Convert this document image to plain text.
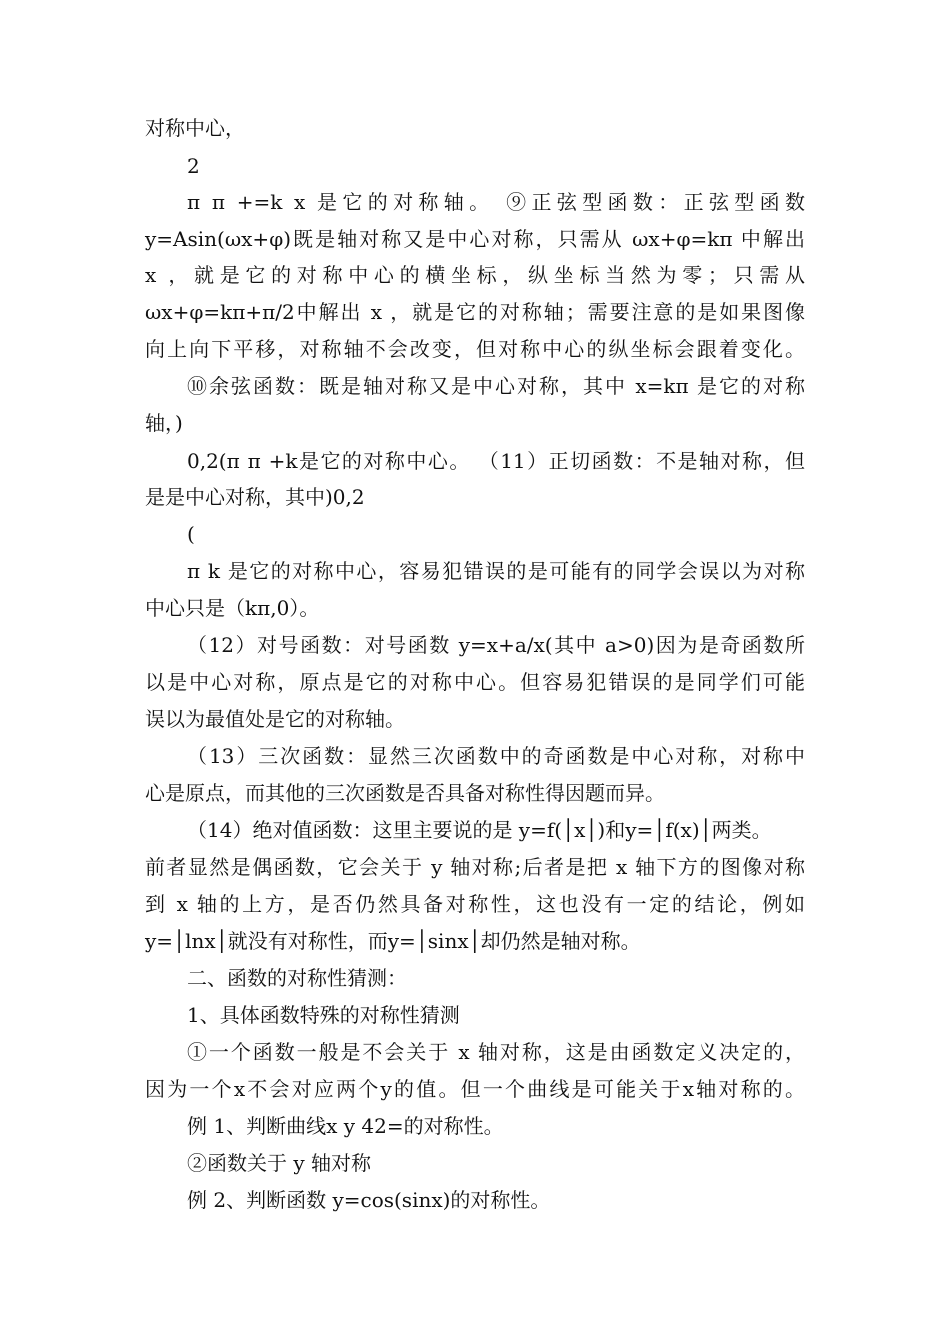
对称中心，
2
π π +=k x 是它的对称轴。 ⑨正弦型函数：正弦型函数
y=Asin(ωx+φ)既是轴对称又是中心对称，只需从 ωx+φ=kπ 中解出
x ，就是它的对称中心的横坐标，纵坐标当然为零；只需从
ωx+φ=kπ+π/2中解出 x ，就是它的对称轴；需要注意的是如果图像
向上向下平移，对称轴不会改变，但对称中心的纵坐标会跟着变化。
⑩余弦函数：既是轴对称又是中心对称，其中 x=kπ 是它的对称
轴，)
0,2(π π +k是它的对称中心。 （11）正切函数：不是轴对称，但
是是中心对称，其中)0,2
(
π k 是它的对称中心，容易犯错误的是可能有的同学会误以为对称
中心只是（kπ,0）。
（12）对号函数：对号函数 y=x+a/x(其中 a>0)因为是奇函数所
以是中心对称，原点是它的对称中心。但容易犯错误的是同学们可能
误以为最值处是它的对称轴。
（13）三次函数：显然三次函数中的奇函数是中心对称，对称中
心是原点，而其他的三次函数是否具备对称性得因题而异。
（14）绝对值函数：这里主要说的是 y=f(│x│)和y=│f(x)│两类。
前者显然是偶函数，它会关于 y 轴对称;后者是把 x 轴下方的图像对称
到 x 轴的上方，是否仍然具备对称性，这也没有一定的结论，例如
y=│lnx│就没有对称性，而y=│sinx│却仍然是轴对称。
二、函数的对称性猜测：
1、具体函数特殊的对称性猜测
①一个函数一般是不会关于 x 轴对称，这是由函数定义决定的，
因为一个x不会对应两个y的值。但一个曲线是可能关于x轴对称的。
例 1、判断曲线x y 42=的对称性。
②函数关于 y 轴对称
例 2、判断函数 y=cos(sinx)的对称性。
